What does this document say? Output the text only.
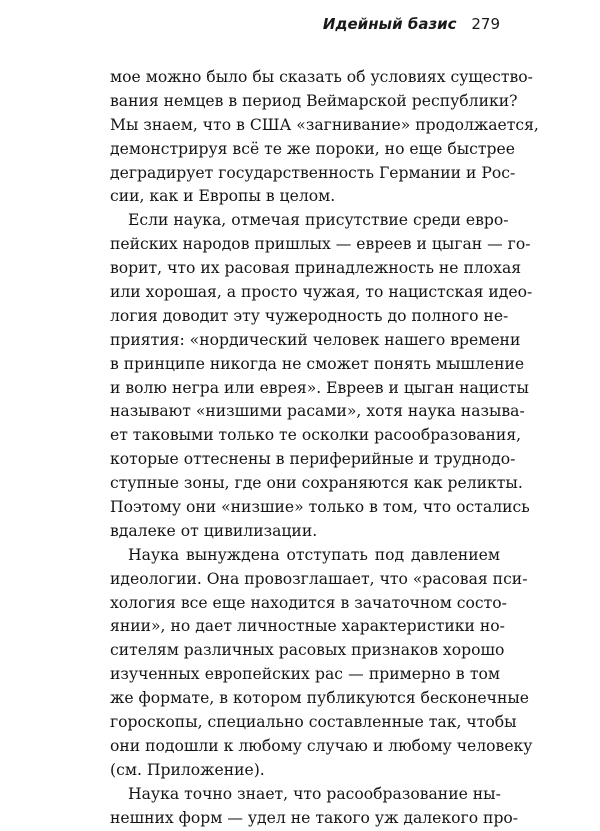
Идейный базис 279
мое можно было бы сказать об условиях существо-
вания немцев в период Веймарской республики?
Мы знаем, что в США «загнивание» продолжается,
демонстрируя всё те же пороки, но еще быстрее
деградирует государственность Германии и Рос-
сии, как и Европы в целом.
Если наука, отмечая присутствие среди евро-
пейских народов пришлых — евреев и цыган — го-
ворит, что их расовая принадлежность не плохая
или хорошая, а просто чужая, то нацистская идео-
логия доводит эту чужеродность до полного не-
приятия: «нордический человек нашего времени
в принципе никогда не сможет понять мышление
и волю негра или еврея». Евреев и цыган нацисты
называют «низшими расами», хотя наука называ-
ет таковыми только те осколки расообразования,
которые оттеснены в периферийные и труднодо-
ступные зоны, где они сохраняются как реликты.
Поэтому они «низшие» только в том, что остались
вдалеке от цивилизации.
Наука вынуждена отступать под давлением
идеологии. Она провозглашает, что «расовая пси-
хология все еще находится в зачаточном состо-
янии», но дает личностные характеристики но-
сителям различных расовых признаков хорошо
изученных европейских рас — примерно в том
же формате, в котором публикуются бесконечные
гороскопы, специально составленные так, чтобы
они подошли к любому случаю и любому человеку
(см. Приложение).
Наука точно знает, что расообразование ны-
нешних форм — удел не такого уж далекого про-
